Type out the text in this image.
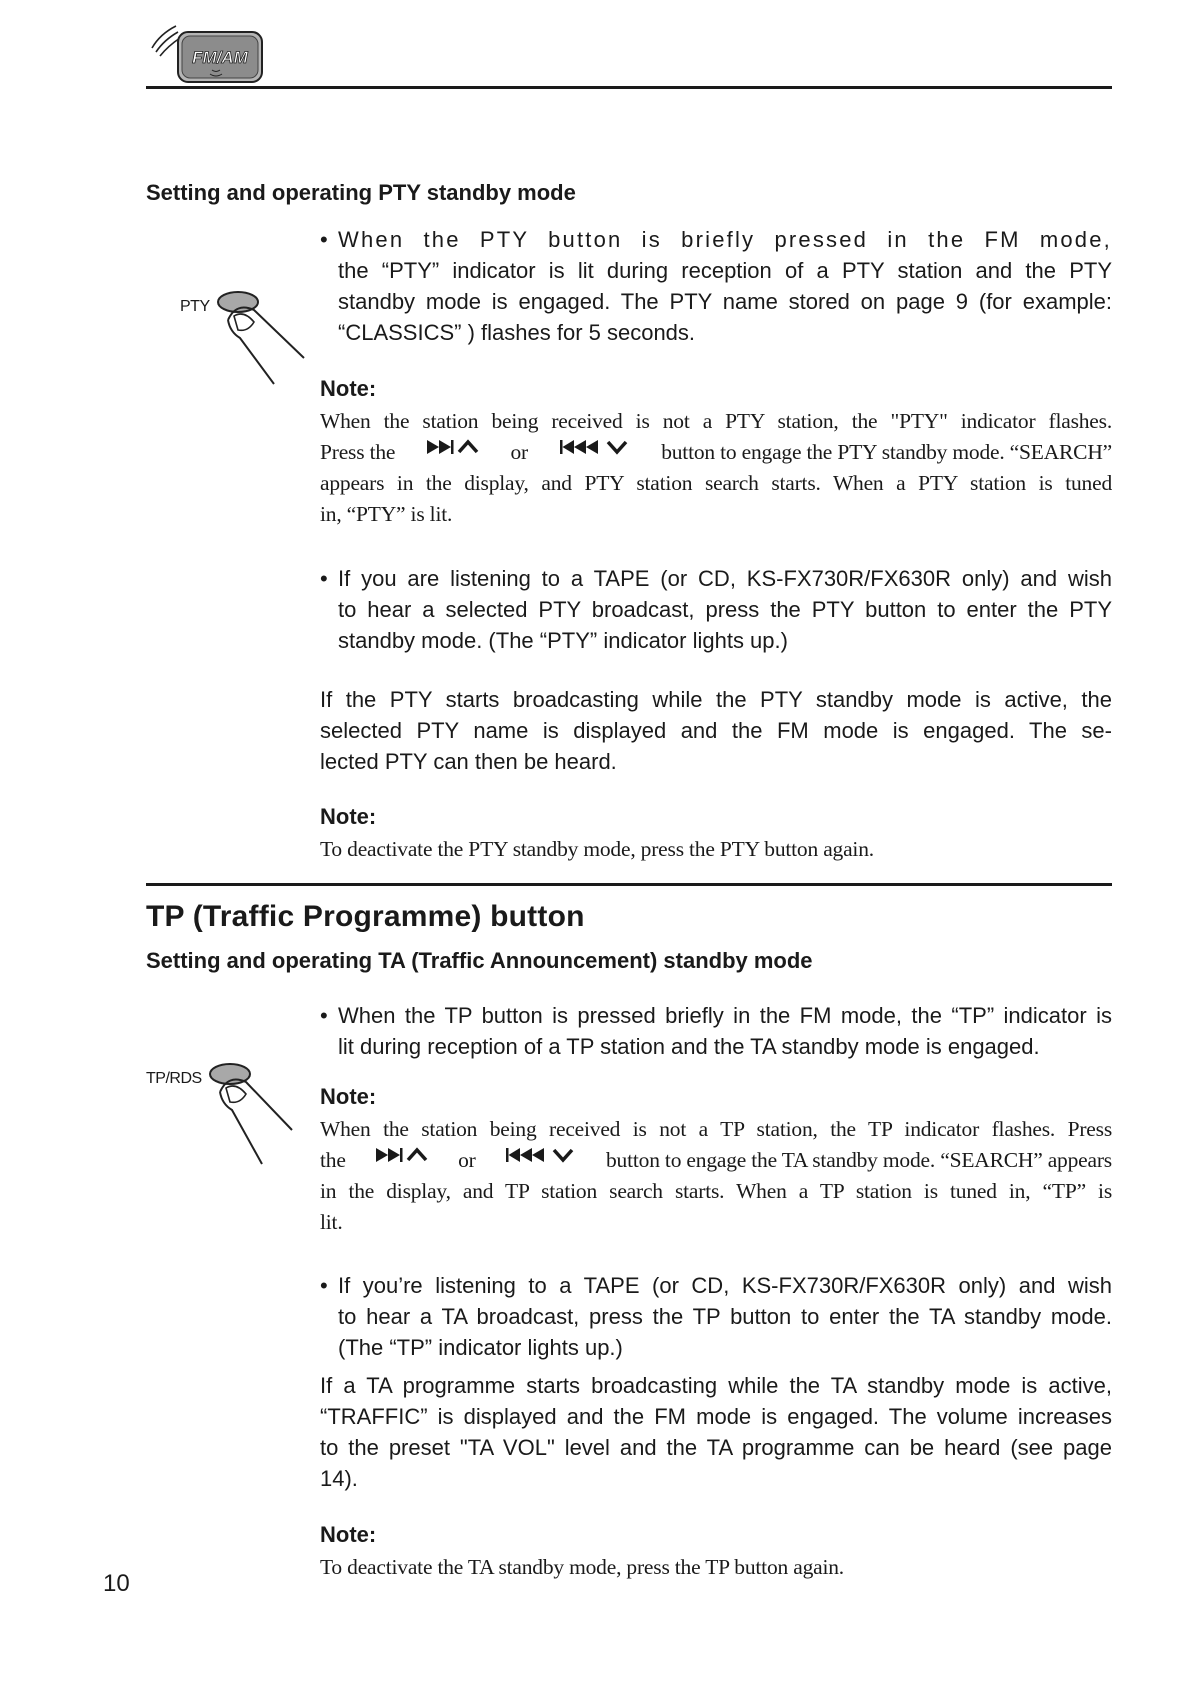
FM/AM
Setting and operating PTY standby mode
PTY
• When the PTY button is briefly pressed in the FM mode,
the “PTY” indicator is lit during reception of a PTY station and the PTY
standby mode is engaged. The PTY name stored on page 9 (for example:
“CLASSICS” ) flashes for 5 seconds.
Note:
When the station being received is not a PTY station, the "PTY" indicator flashes.
Press the	or	button to engage the PTY standby mode. “SEARCH”
appears in the display, and PTY station search starts. When a PTY station is tuned
in, “PTY” is lit.
• If you are listening to a TAPE (or CD, KS-FX730R/FX630R only) and wish
to hear a selected PTY broadcast, press the PTY button to enter the PTY
standby mode. (The “PTY” indicator lights up.)
If the PTY starts broadcasting while the PTY standby mode is active, the
selected PTY name is displayed and the FM mode is engaged. The se-
lected PTY can then be heard.
Note:
To deactivate the PTY standby mode, press the PTY button again.
TP (Traffic Programme) button
Setting and operating TA (Traffic Announcement) standby mode
TP/RDS
• When the TP button is pressed briefly in the FM mode, the “TP” indicator is
lit during reception of a TP station and the TA standby mode is engaged.
Note:
When the station being received is not a TP station, the TP indicator flashes. Press
the	or	button to engage the TA standby mode. “SEARCH” appears
in the display, and TP station search starts. When a TP station is tuned in, “TP” is
lit.
• If you’re listening to a TAPE (or CD, KS-FX730R/FX630R only) and wish
to hear a TA broadcast, press the TP button to enter the TA standby mode.
(The “TP” indicator lights up.)
If a TA programme starts broadcasting while the TA standby mode is active,
“TRAFFIC” is displayed and the FM mode is engaged. The volume increases
to the preset "TA VOL" level and the TA programme can be heard (see page
14).
Note:
To deactivate the TA standby mode, press the TP button again.
10
